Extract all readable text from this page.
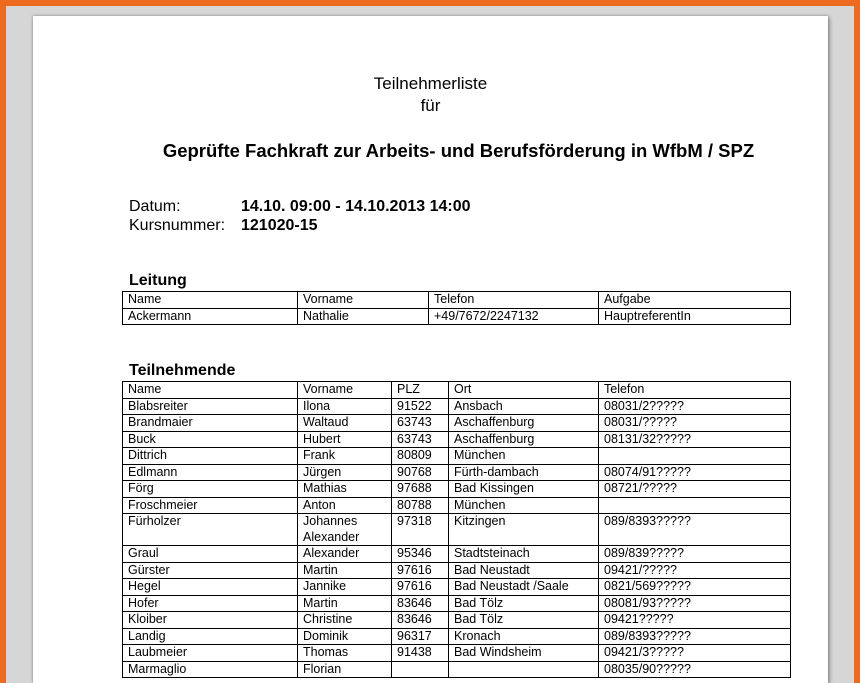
Teilnehmerliste
für
Geprüfte Fachkraft zur Arbeits- und Berufsförderung in WfbM / SPZ
Datum:	14.10. 09:00 - 14.10.2013 14:00
Kursnummer: 121020-15
Leitung
Name	Vorname	Telefon	Aufgabe
Ackermann	Nathalie	+49/7672/2247132	HauptreferentIn
Teilnehmende
Name	Vorname	PLZ	Ort	Telefon
Blabsreiter	Ilona	91522	Ansbach	08031/2?????
Brandmaier	Waltaud	63743	Aschaffenburg	08031/?????
Buck	Hubert	63743	Aschaffenburg	08131/32?????
Dittrich	Frank	80809	München	
Edlmann	Jürgen	90768	Fürth-dambach	08074/91?????
Förg	Mathias	97688	Bad Kissingen	08721/?????
Froschmeier	Anton	80788	München	
Fürholzer	Johannes Alexander	97318	Kitzingen	089/8393?????
Graul	Alexander	95346	Stadtsteinach	089/839?????
Gürster	Martin	97616	Bad Neustadt	09421/?????
Hegel	Jannike	97616	Bad Neustadt /Saale	0821/569?????
Hofer	Martin	83646	Bad Tölz	08081/93?????
Kloiber	Christine	83646	Bad Tölz	09421?????
Landig	Dominik	96317	Kronach	089/8393?????
Laubmeier	Thomas	91438	Bad Windsheim	09421/3?????
Marmaglio	Florian			08035/90?????
